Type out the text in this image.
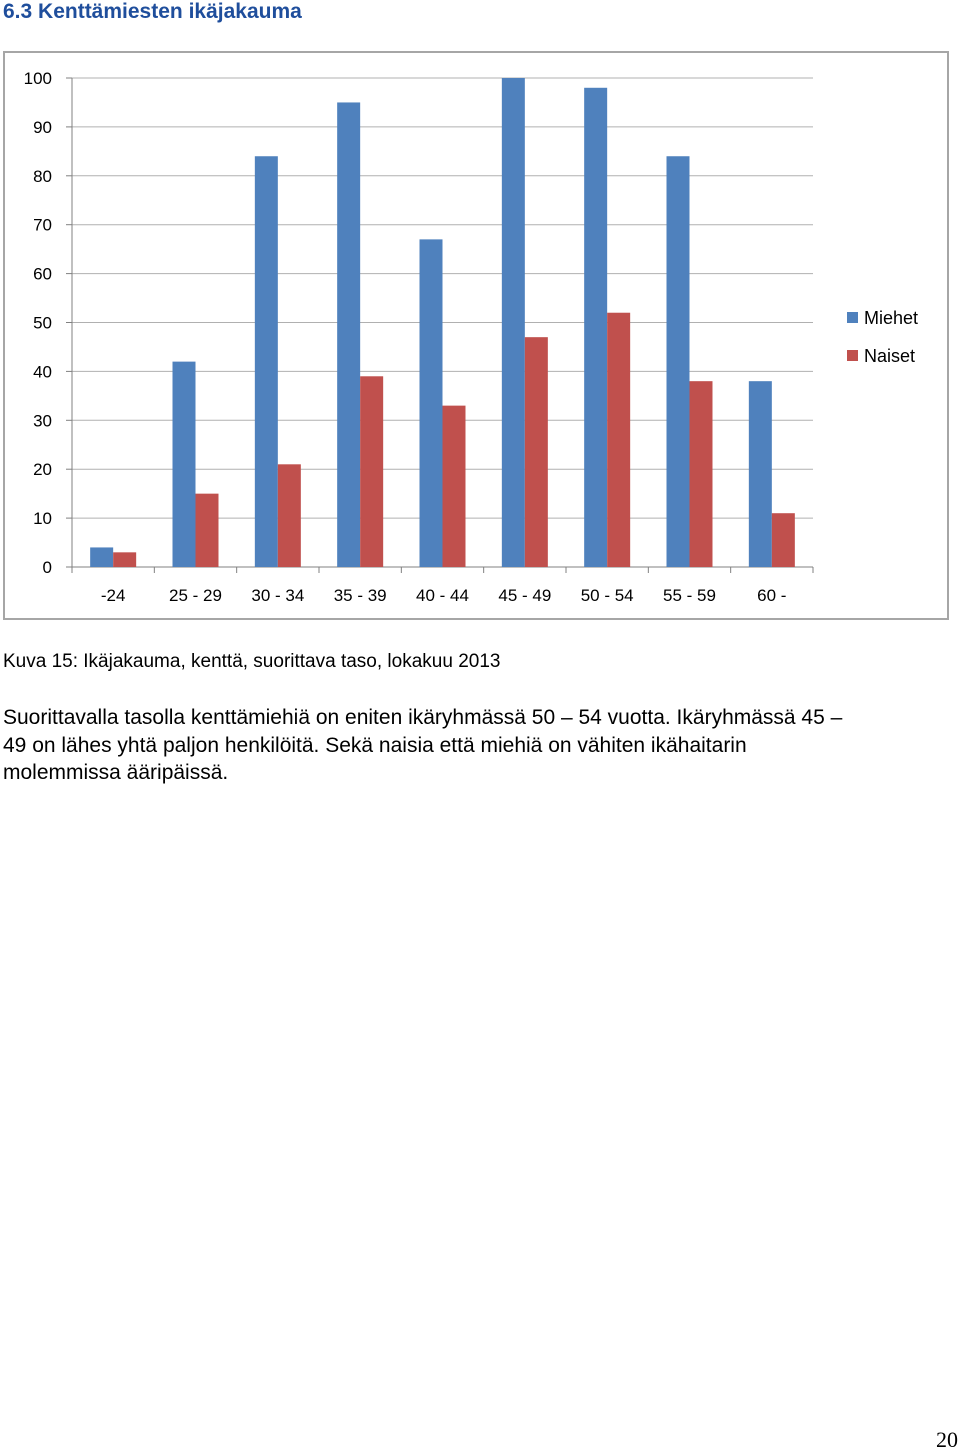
6.3 Kenttämiesten ikäjakauma
0
10
20
30
40
50
60
70
80
90
100
-24	25 - 29 30 - 34 35 - 39 40 - 44 45 - 49 50 - 54 55 - 59 60 -
Miehet
Naiset
Kuva 15: Ikäjakauma, kenttä, suorittava taso, lokakuu 2013
Suorittavalla tasolla kenttämiehiä on eniten ikäryhmässä 50 – 54 vuotta. Ikäryhmässä 45 –
49 on lähes yhtä paljon henkilöitä. Sekä naisia että miehiä on vähiten ikähaitarin
molemmissa ääripäissä.
20
